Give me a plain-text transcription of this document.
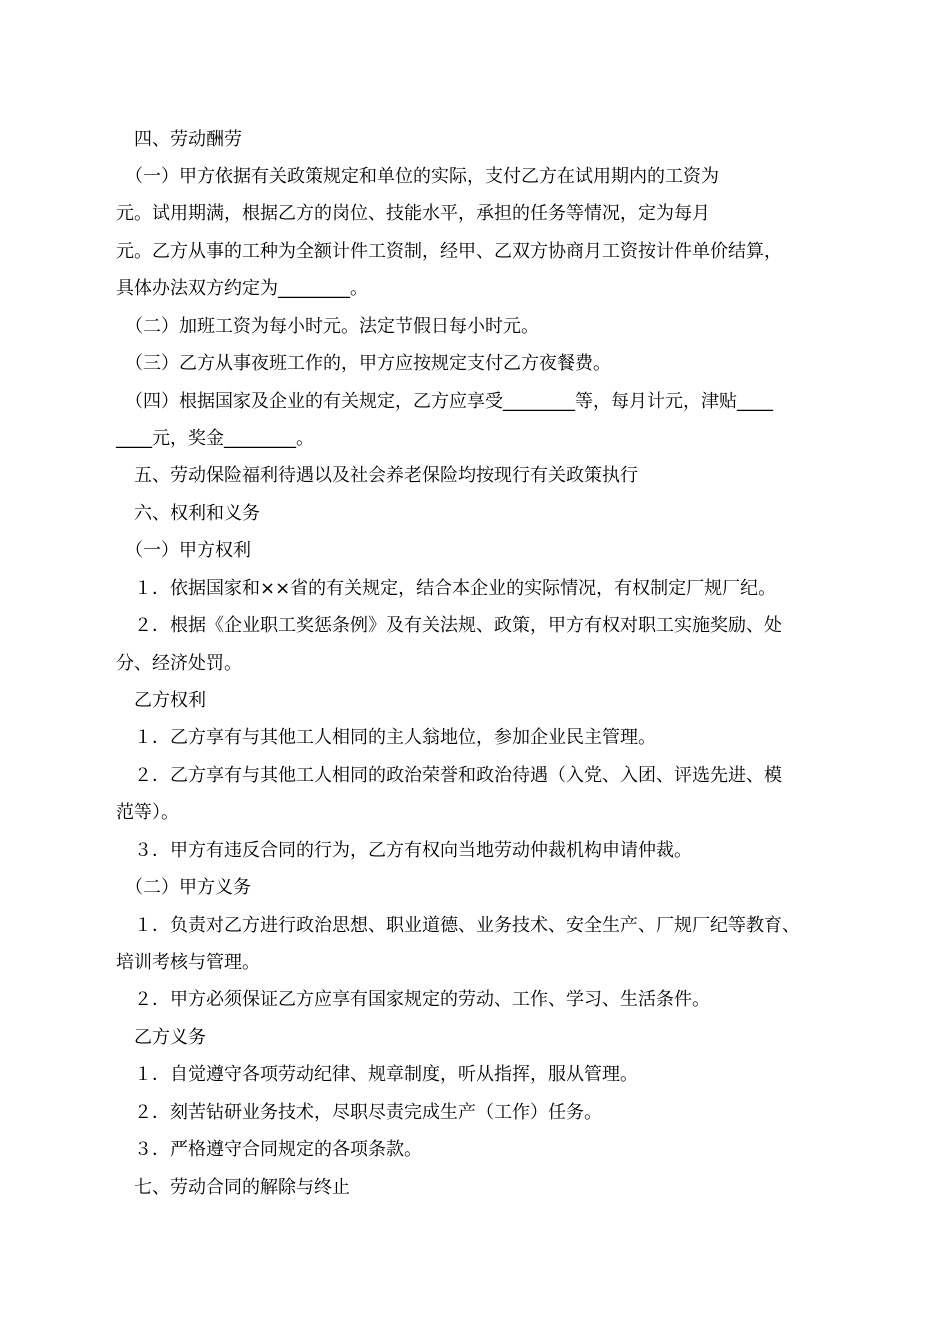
　四、劳动酬劳
　（一）甲方依据有关政策规定和单位的实际，支付乙方在试用期内的工资为
元。试用期满，根据乙方的岗位、技能水平，承担的任务等情况，定为每月
元。乙方从事的工种为全额计件工资制，经甲、乙双方协商月工资按计件单价结算，
具体办法双方约定为________。
　（二）加班工资为每小时元。法定节假日每小时元。
　（三）乙方从事夜班工作的，甲方应按规定支付乙方夜餐费。
　（四）根据国家及企业的有关规定，乙方应享受________等，每月计元，津贴____
____元，奖金________。
　五、劳动保险福利待遇以及社会养老保险均按现行有关政策执行
　六、权利和义务
　（一）甲方权利
　１．依据国家和××省的有关规定，结合本企业的实际情况，有权制定厂规厂纪。
　２．根据《企业职工奖惩条例》及有关法规、政策，甲方有权对职工实施奖励、处
分、经济处罚。
　乙方权利
　１．乙方享有与其他工人相同的主人翁地位，参加企业民主管理。
　２．乙方享有与其他工人相同的政治荣誉和政治待遇（入党、入团、评选先进、模
范等）。
　３．甲方有违反合同的行为，乙方有权向当地劳动仲裁机构申请仲裁。
　（二）甲方义务
　１．负责对乙方进行政治思想、职业道德、业务技术、安全生产、厂规厂纪等教育、
培训考核与管理。
　２．甲方必须保证乙方应享有国家规定的劳动、工作、学习、生活条件。
　乙方义务
　１．自觉遵守各项劳动纪律、规章制度，听从指挥，服从管理。
　２．刻苦钻研业务技术，尽职尽责完成生产（工作）任务。
　３．严格遵守合同规定的各项条款。
　七、劳动合同的解除与终止
